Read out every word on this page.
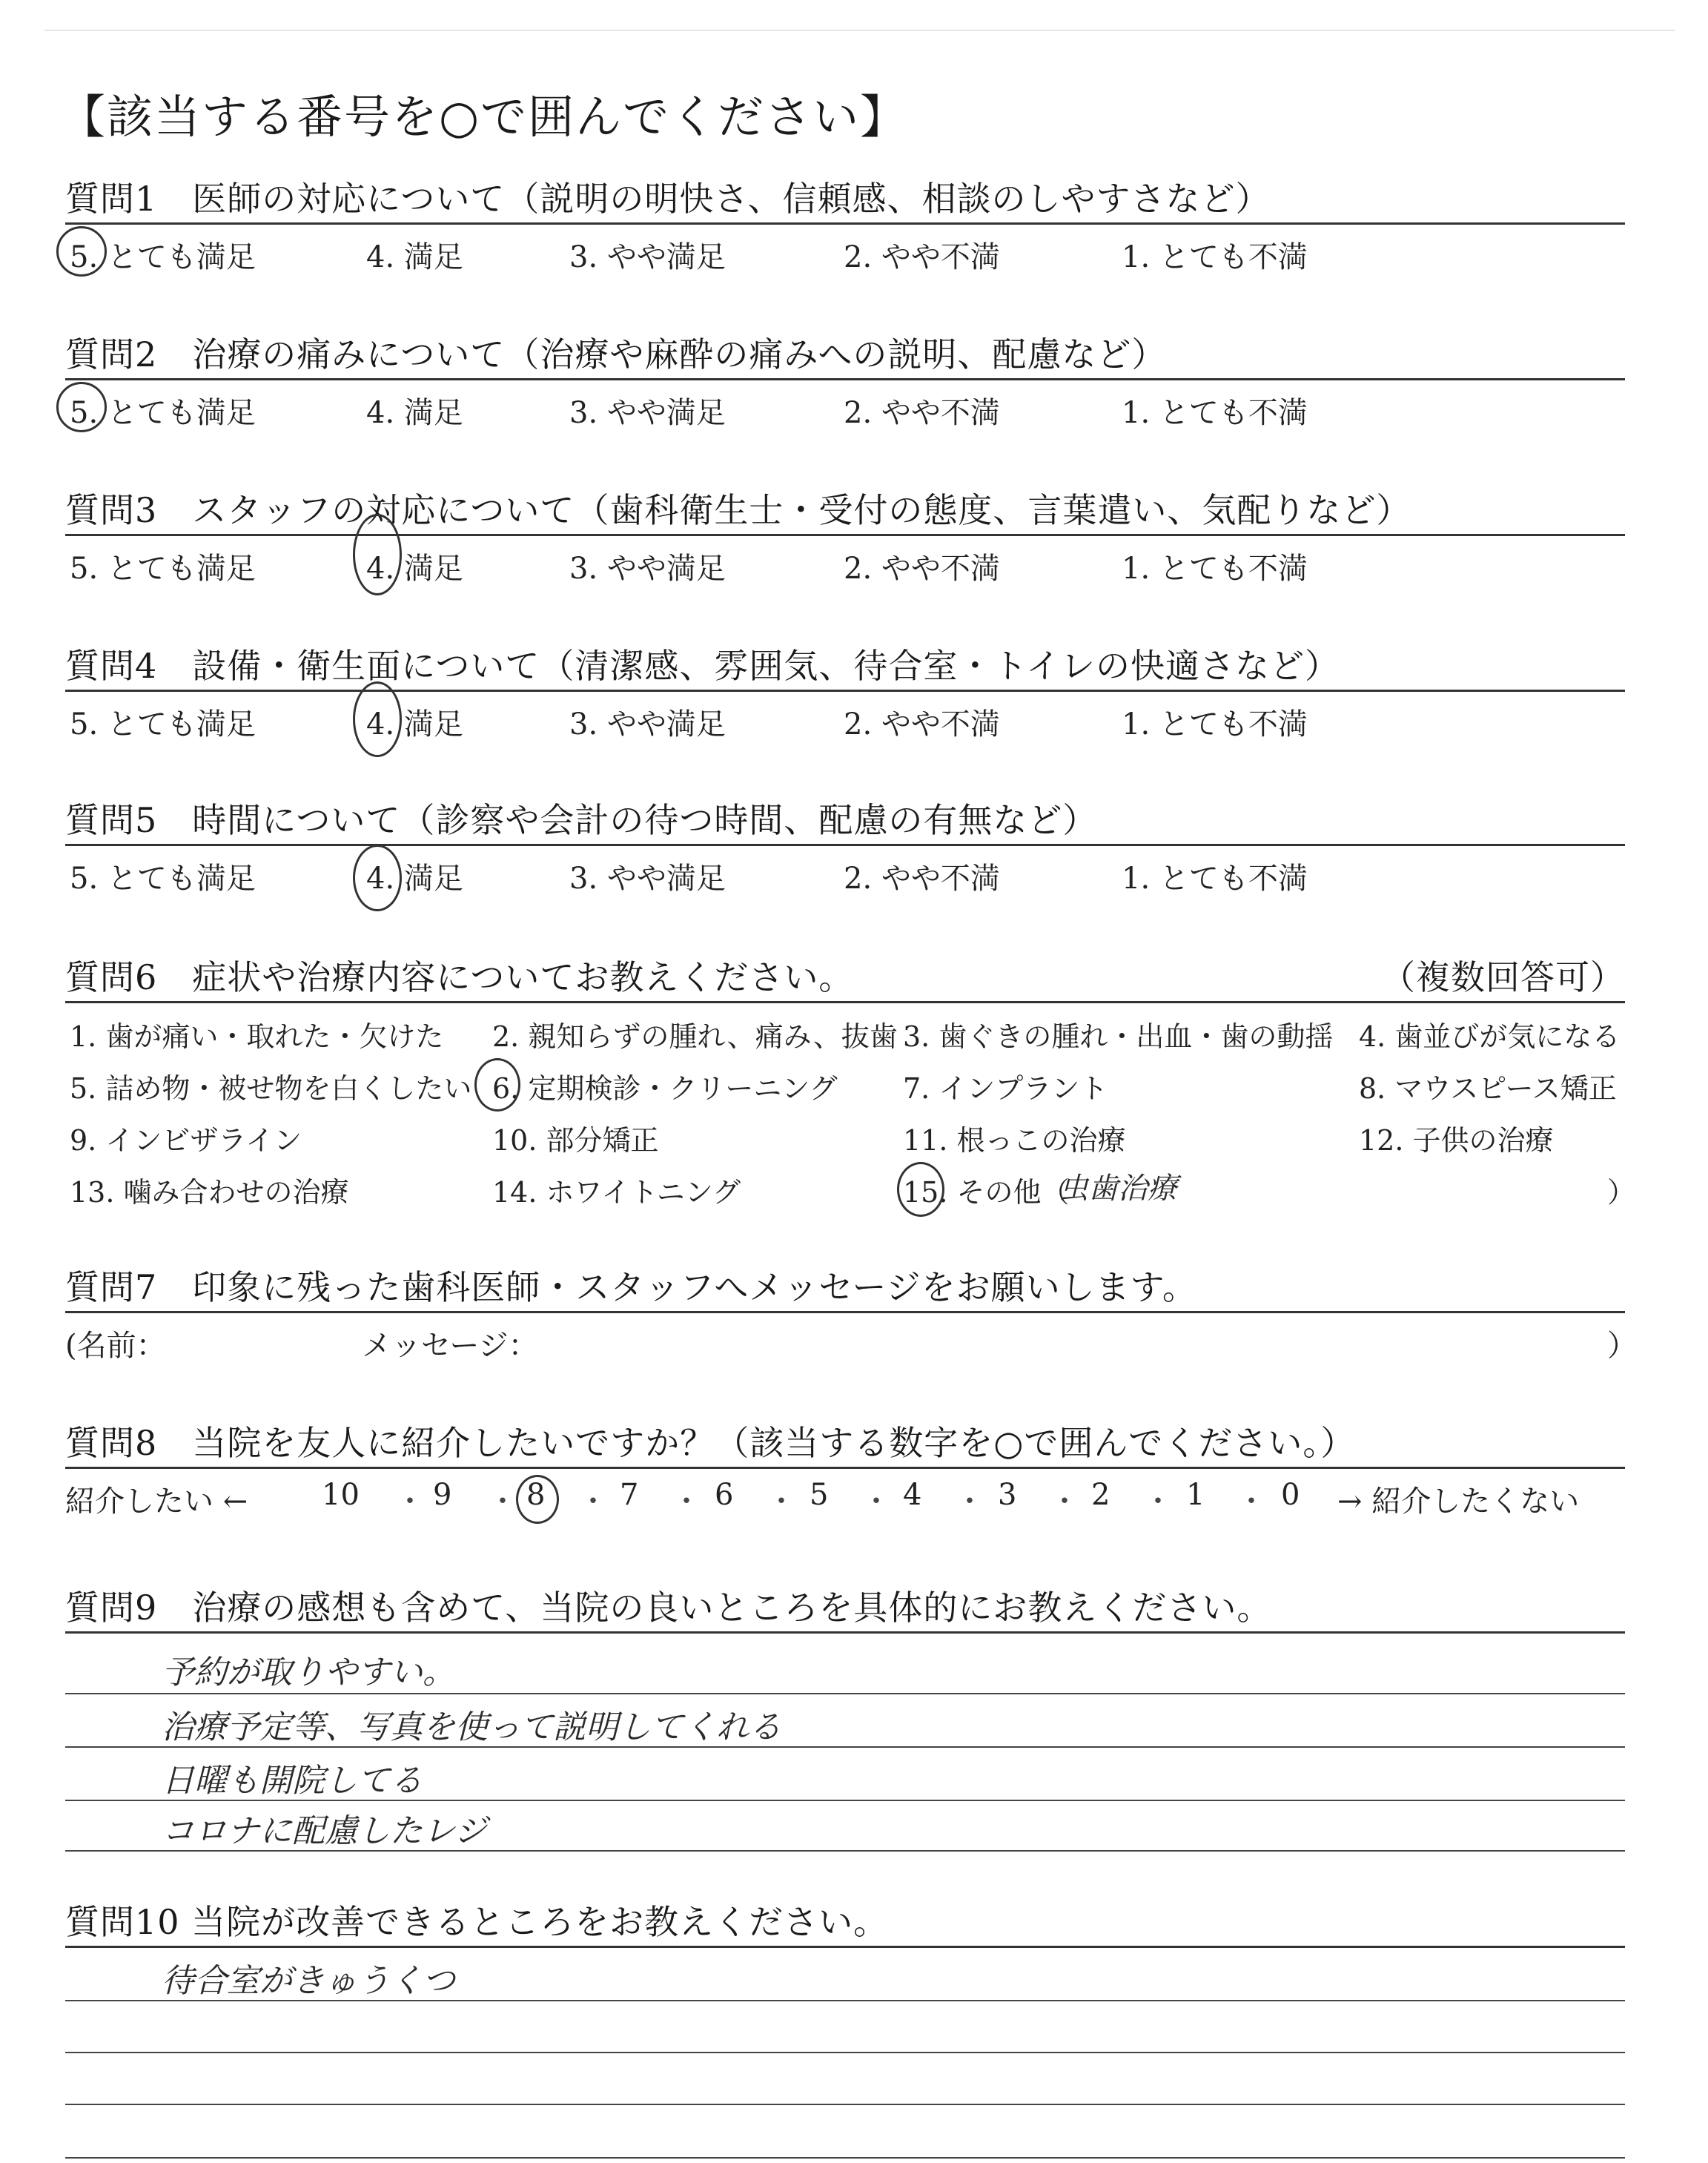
【該当する番号を○で囲んでください】
質問1　医師の対応について（説明の明快さ、信頼感、相談のしやすさなど）
5. とても満足	4. 満足	3. やや満足	2. やや不満	1. とても不満
質問2　治療の痛みについて（治療や麻酔の痛みへの説明、配慮など）
5. とても満足	4. 満足	3. やや満足	2. やや不満	1. とても不満
質問3　スタッフの対応について（歯科衛生士・受付の態度、言葉遣い、気配りなど）
5. とても満足	4. 満足	3. やや満足	2. やや不満	1. とても不満
質問4　設備・衛生面について（清潔感、雰囲気、待合室・トイレの快適さなど）
5. とても満足	4. 満足	3. やや満足	2. やや不満	1. とても不満
質問5　時間について（診察や会計の待つ時間、配慮の有無など）
5. とても満足	4. 満足	3. やや満足	2. やや不満	1. とても不満
質問6　症状や治療内容についてお教えください。	（複数回答可）
1. 歯が痛い・取れた・欠けた 2. 親知らずの腫れ、痛み、抜歯 3. 歯ぐきの腫れ・出血・歯の動揺 4. 歯並びが気になる
5. 詰め物・被せ物を白くしたい 6. 定期検診・クリーニング 7. インプラント	8. マウスピース矯正
9. インビザライン	10. 部分矯正	11. 根っこの治療	12. 子供の治療
13. 噛み合わせの治療	14. ホワイトニング	15. その他（
虫歯治療	）
質問7　印象に残った歯科医師・スタッフへメッセージをお願いします。
(名前：	メッセージ：	）
質問8　当院を友人に紹介したいですか？（該当する数字を○で囲んでください。）
紹介したい ← 10 ・ 9 ・ 8 ・ 7 ・ 6 ・ 5 ・ 4 ・ 3 ・ 2 ・ 1 ・ 0 → 紹介したくない
質問9　治療の感想も含めて、当院の良いところを具体的にお教えください。
予約が取りやすい。
治療予定等、写真を使って説明してくれる
日曜も開院してる
コロナに配慮したレジ
質問10 当院が改善できるところをお教えください。
待合室がきゅうくつ
